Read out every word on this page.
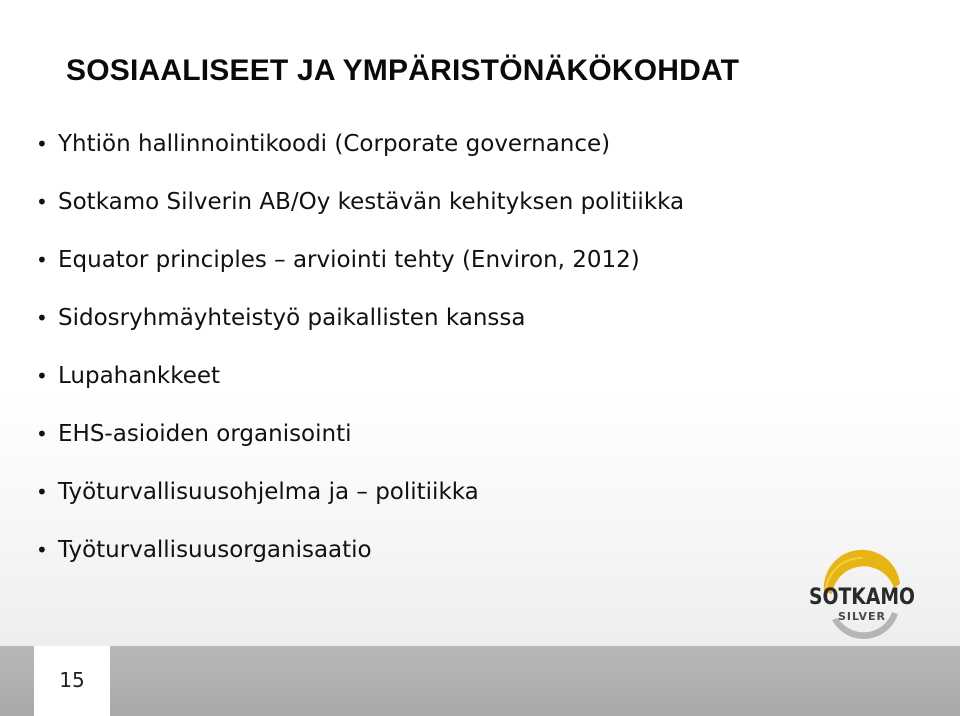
SOSIAALISEET JA YMPÄRISTÖNÄKÖKOHDAT
• Yhtiön hallinnointikoodi (Corporate governance)
• Sotkamo Silverin AB/Oy kestävän kehityksen politiikka
• Equator principles – arviointi tehty (Environ, 2012)
• Sidosryhmäyhteistyö paikallisten kanssa
• Lupahankkeet
• EHS-asioiden organisointi
• Työturvallisuusohjelma ja – politiikka
• Työturvallisuusorganisaatio
SOTKAMO
SILVER
15
